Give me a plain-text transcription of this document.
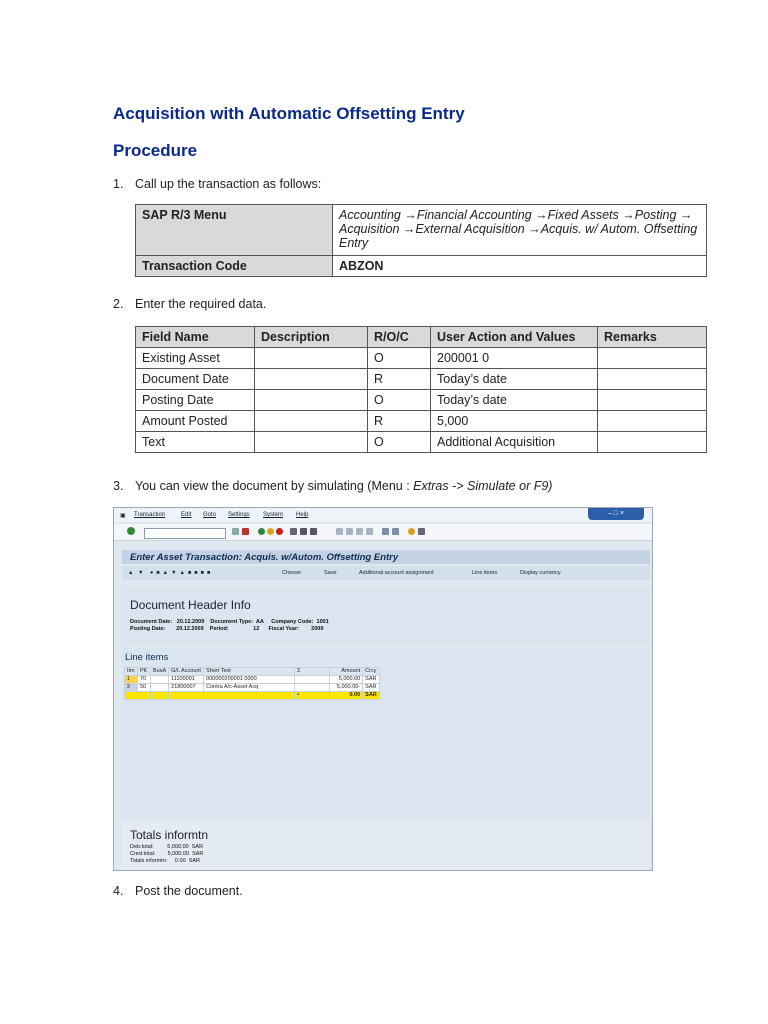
Acquisition with Automatic Offsetting Entry
Procedure
1. Call up the transaction as follows:
SAP R/3 Menu	Accounting →Financial Accounting →Fixed Assets →Posting → Acquisition →External Acquisition →Acquis. w/ Autom. Offsetting Entry
Transaction Code	ABZON
2. Enter the required data.
Field Name	Description	R/O/C	User Action and Values	Remarks
Existing Asset		O	200001 0	
Document Date		R	Today’s date	
Posting Date		O	Today’s date	
Amount Posted		R	5,000	
Text		O	Additional Acquisition	
3. You can view the document by simulating (Menu : Extras -> Simulate or F9)
▣ Transaction	Edit Goto Settings System Help	– □ ×
Enter Asset Transaction: Acquis. w/Autom. Offsetting Entry
▲ ▼ ●■▲▼▲■■■■	Choose	Save	Additional account assignment	Line items	Display currency
Document Header Info
Document Date:   20.12.2009    Document Type:  AA     Company Code:  1001
Posting Date:       20.12.2009    Period:                12      Fiscal Year:        2009
Line items
Itm	PK	BusA	G/L Account	Short Text	Σ	Amount	Crcy
1	70		11100001	000000200001 0000		5,000.00	SAR
2	50		21800007	Contra A/c-Asset Acq		5,000.00-	SAR
					•	0.00	SAR
Totals informtn
Deb.total:         5,000.00  SAR
Cred.total:        5,000.00  SAR
Totals informtn:     0.00  SAR
4. Post the document.
